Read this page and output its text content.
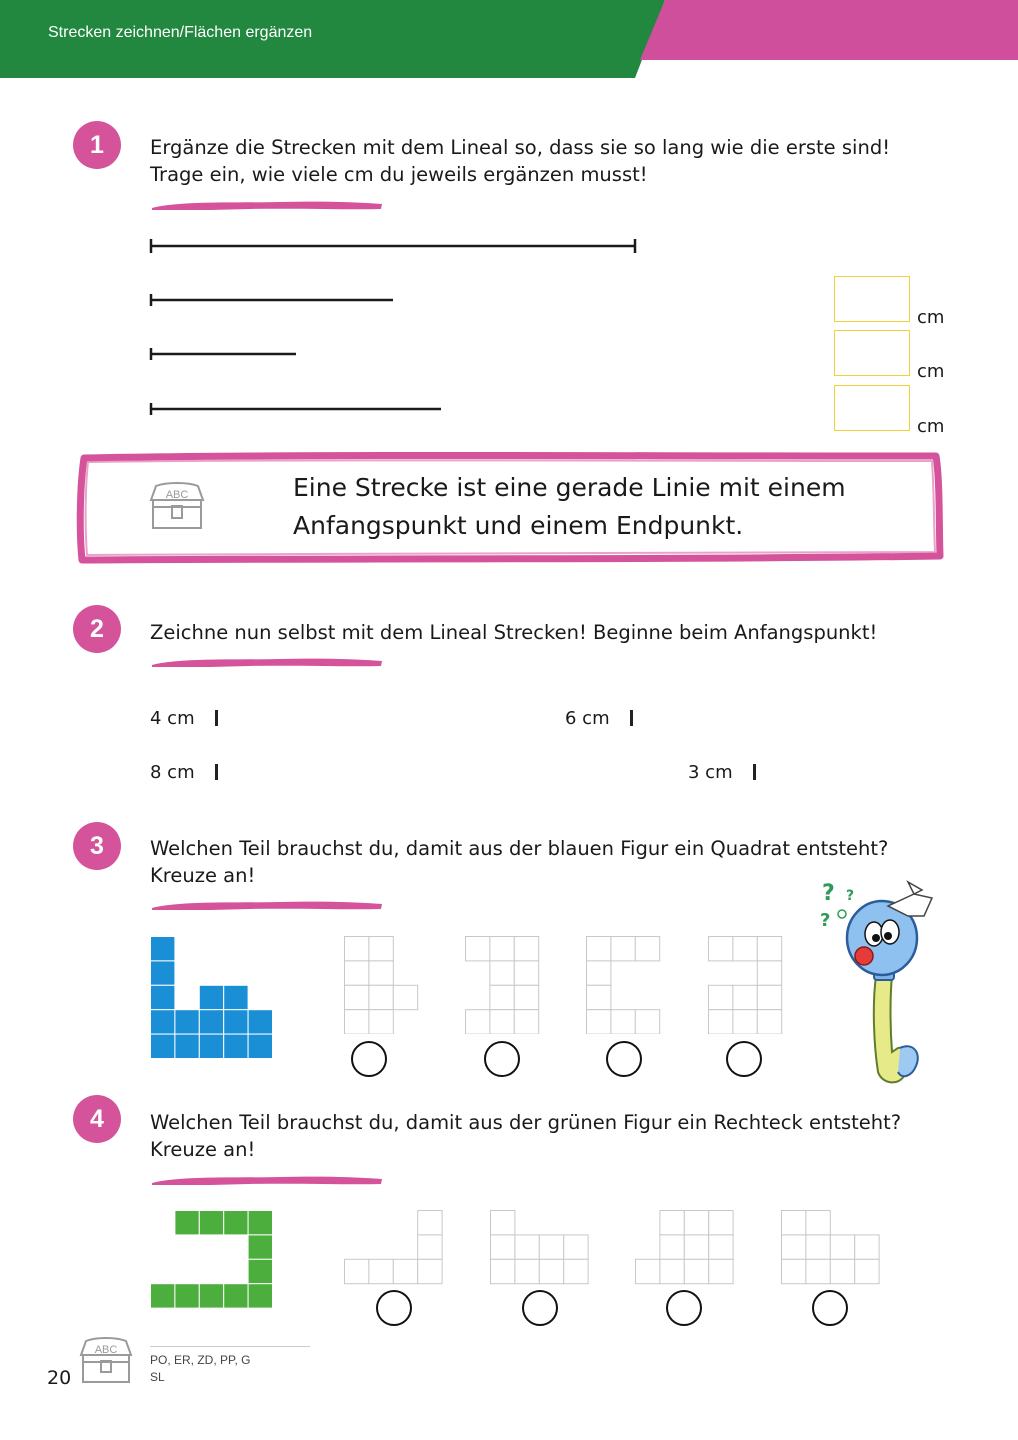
Strecken zeichnen/Flächen ergänzen
1	Ergänze die Strecken mit dem Lineal so, dass sie so lang wie die erste sind!
Trage ein, wie viele cm du jeweils ergänzen musst!
cm
cm
cm
ABC	Eine Strecke ist eine gerade Linie mit einem
Anfangspunkt und einem Endpunkt.
2	Zeichne nun selbst mit dem Lineal Strecken! Beginne beim Anfangspunkt!
4 cm	6 cm
8 cm	3 cm
3	Welchen Teil brauchst du, damit aus der blauen Figur ein Quadrat entsteht?
Kreuze an!
? ?
?
4	Welchen Teil brauchst du, damit aus der grünen Figur ein Rechteck entsteht?
Kreuze an!
ABC
20
PO, ER, ZD, PP, G
SL
